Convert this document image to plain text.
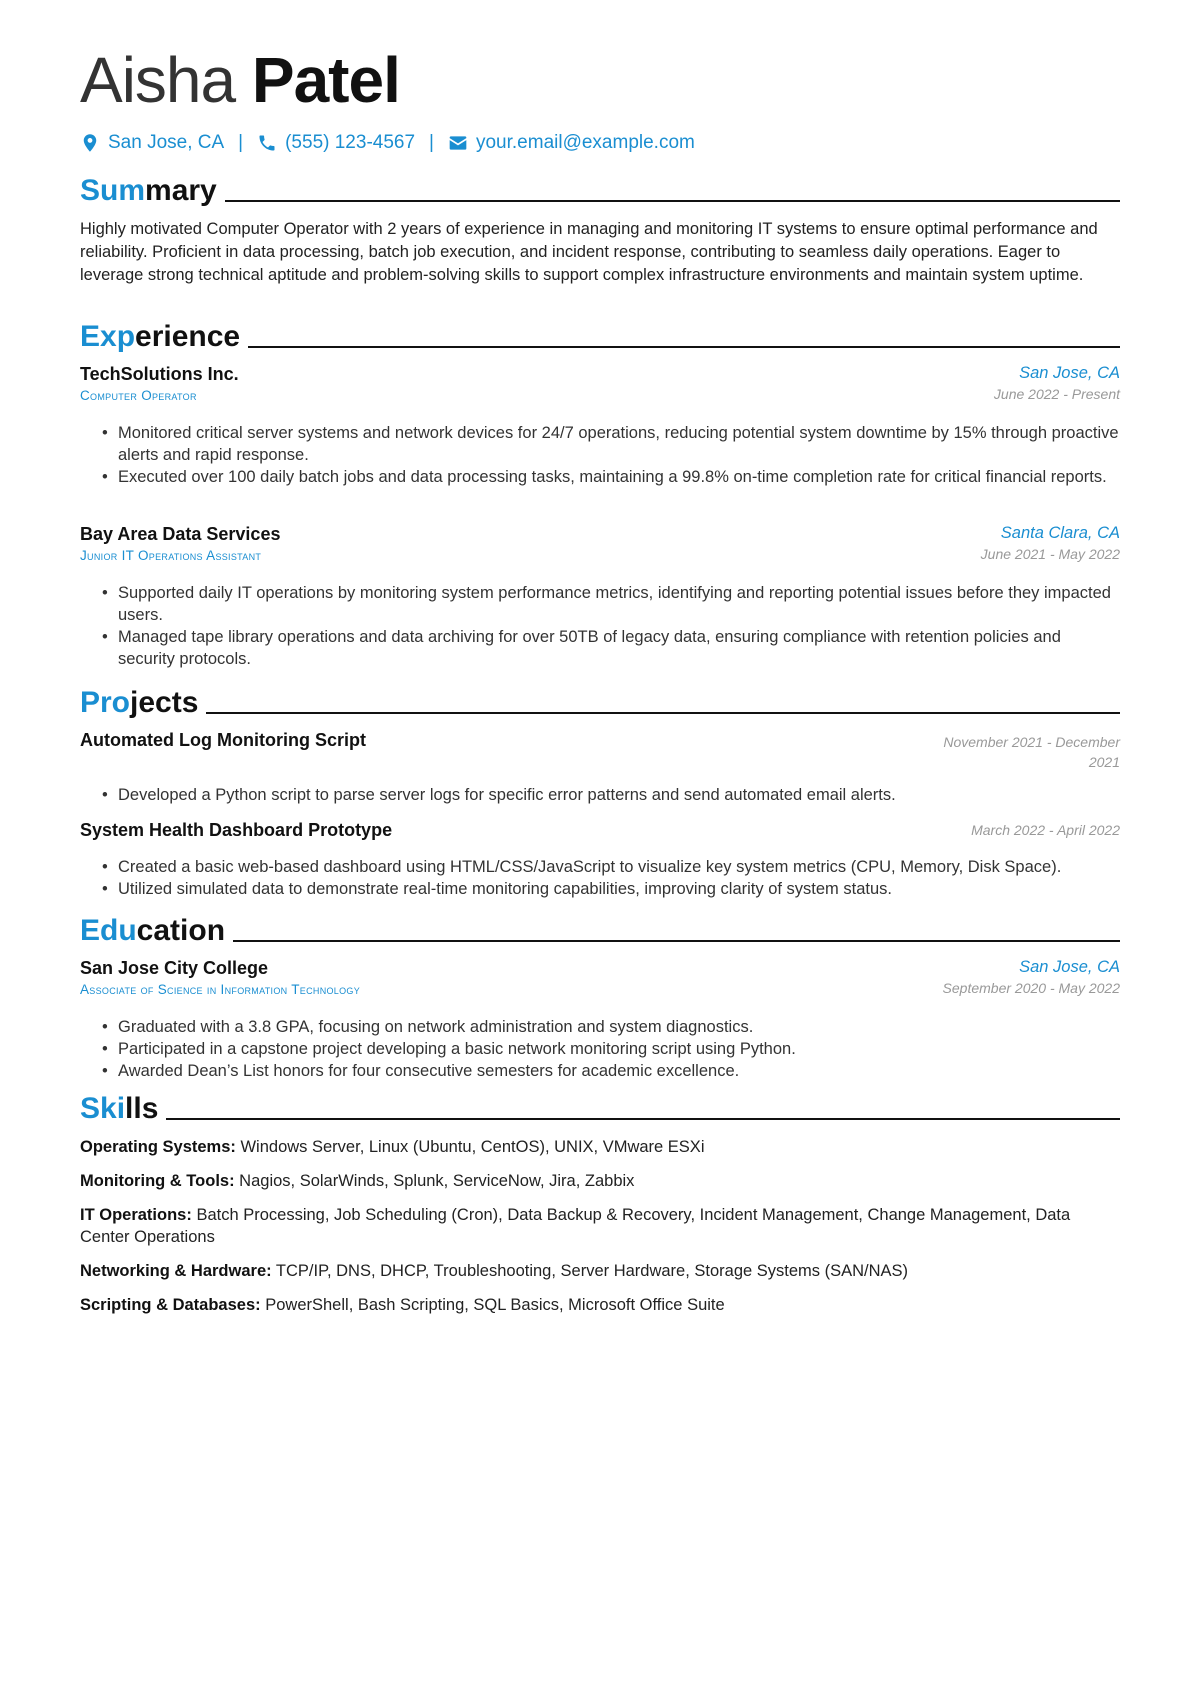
Aisha Patel
San Jose, CA | (555) 123-4567 | your.email@example.com
Summary

Highly motivated Computer Operator with 2 years of experience in managing and monitoring IT systems to ensure optimal performance and reliability. Proficient in data processing, batch job execution, and incident response, contributing to seamless daily operations. Eager to leverage strong technical aptitude and problem-solving skills to support complex infrastructure environments and maintain system uptime.

Experience
TechSolutions Inc.	San Jose, CA
Computer Operator	June 2022 - Present
• Monitored critical server systems and network devices for 24/7 operations, reducing potential system downtime by 15% through proactive alerts and rapid response.
• Executed over 100 daily batch jobs and data processing tasks, maintaining a 99.8% on-time completion rate for critical financial reports.
Bay Area Data Services	Santa Clara, CA
Junior IT Operations Assistant	June 2021 - May 2022
• Supported daily IT operations by monitoring system performance metrics, identifying and reporting potential issues before they impacted users.
• Managed tape library operations and data archiving for over 50TB of legacy data, ensuring compliance with retention policies and security protocols.
Projects
Automated Log Monitoring Script	November 2021 - December
2021
• Developed a Python script to parse server logs for specific error patterns and send automated email alerts.
System Health Dashboard Prototype	March 2022 - April 2022
• Created a basic web-based dashboard using HTML/CSS/JavaScript to visualize key system metrics (CPU, Memory, Disk Space).
• Utilized simulated data to demonstrate real-time monitoring capabilities, improving clarity of system status.
Education
San Jose City College	San Jose, CA
Associate of Science in Information Technology	September 2020 - May 2022
• Graduated with a 3.8 GPA, focusing on network administration and system diagnostics.
• Participated in a capstone project developing a basic network monitoring script using Python.
• Awarded Dean’s List honors for four consecutive semesters for academic excellence.
Skills
Operating Systems: Windows Server, Linux (Ubuntu, CentOS), UNIX, VMware ESXi
Monitoring & Tools: Nagios, SolarWinds, Splunk, ServiceNow, Jira, Zabbix
IT Operations: Batch Processing, Job Scheduling (Cron), Data Backup & Recovery, Incident Management, Change Management, Data Center Operations
Networking & Hardware: TCP/IP, DNS, DHCP, Troubleshooting, Server Hardware, Storage Systems (SAN/NAS)
Scripting & Databases: PowerShell, Bash Scripting, SQL Basics, Microsoft Office Suite
